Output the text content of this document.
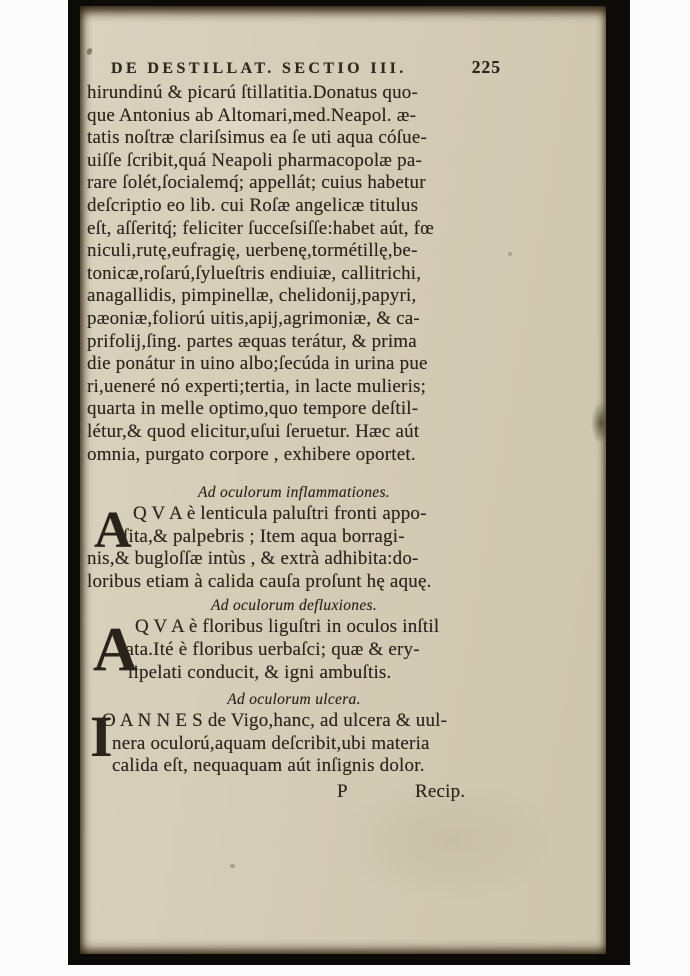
DE DESTILLAT. SECTIO III.	225
hirundinú & picarú ſtillatitia.Donatus quo-
que Antonius ab Altomari,med.Neapol. æ-
tatis noſtræ clariſsimus ea ſe uti aqua cóſue-
uiſſe ſcribit,quá Neapoli pharmacopolæ pa-
rare ſolét,ſocialemq́; appellát; cuius habetur
deſcriptio eo lib. cui Roſæ angelicæ titulus
eſt, aſſeritq́; feliciter ſucceſsiſſe:habet aút, fœ
niculi,rutę,eufragię, uerbenę,tormétillę,be-
tonicæ,roſarú,ſylueſtris endiuiæ, callitrichi,
anagallidis, pimpinellæ, chelidonij,papyri,
pæoniæ,foliorú uitis,apij,agrimoniæ, & ca-
prifolij,ſing. partes æquas terátur, & prima
die ponátur in uino albo;ſecúda in urina pue
ri,ueneré nó experti;tertia, in lacte mulieris;
quarta in melle optimo,quo tempore deſtil-
létur,& quod elicitur,uſui ſeruetur. Hæc aút
omnia, purgato corpore , exhibere oportet.
Ad oculorum inflammationes.
A Q V A è lenticula paluſtri fronti appo-
ſita,& palpebris ; Item aqua borragi-
nis,& bugloſſæ intùs , & extrà adhibita:do-
loribus etiam à calida cauſa proſunt hę aquę.
Ad oculorum defluxiones.
A
Q V A è floribus liguſtri in oculos inſtil
lata.Ité è floribus uerbaſci; quæ & ery-
ſipelati conducit, & igni ambuſtis.
Ad oculorum ulcera.
I
O A N N E S de Vigo,hanc, ad ulcera & uul-
nera oculorú,aquam deſcribit,ubi materia
calida eſt, nequaquam aút inſignis dolor.
P	Recip.
